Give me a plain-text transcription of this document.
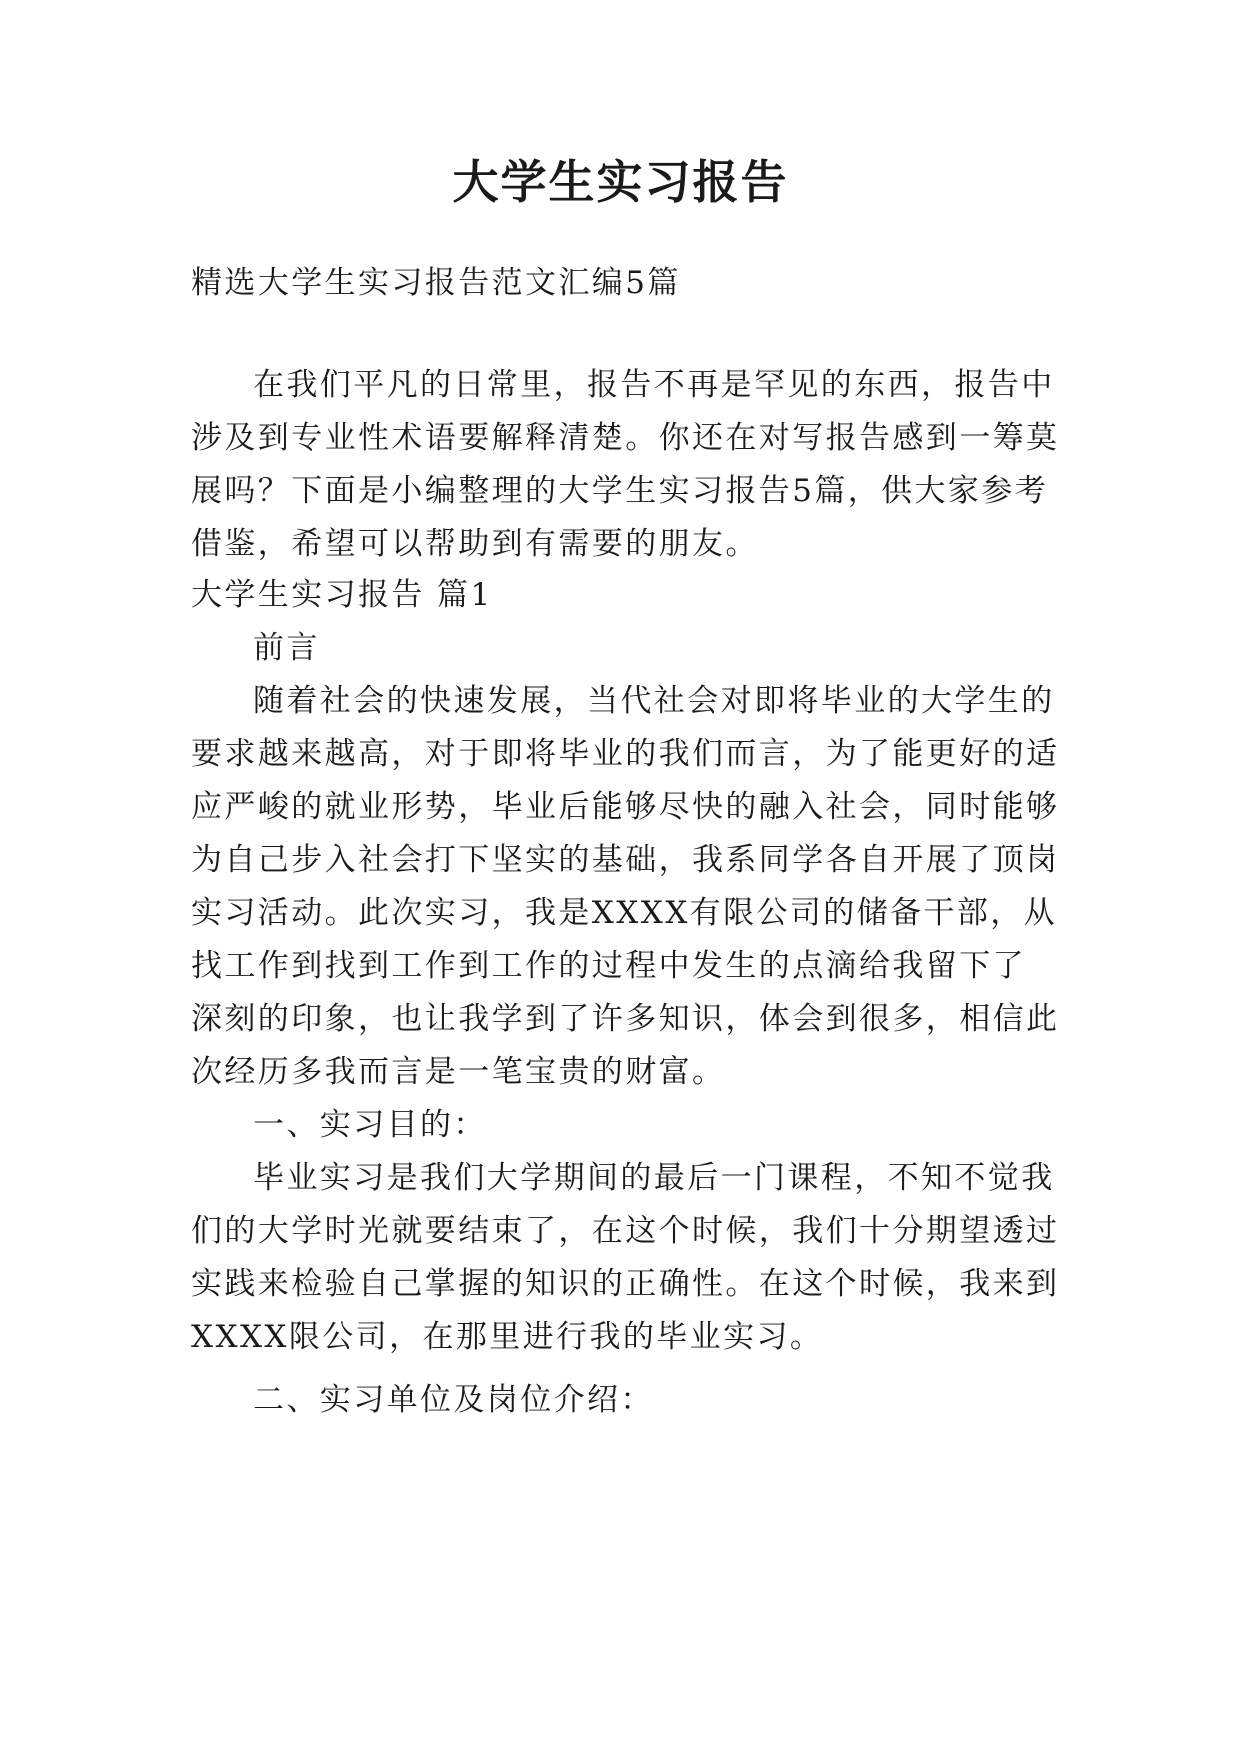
大学生实习报告
精选大学生实习报告范文汇编5篇
在我们平凡的日常里，报告不再是罕见的东西，报告中
涉及到专业性术语要解释清楚。你还在对写报告感到一筹莫
展吗？下面是小编整理的大学生实习报告5篇，供大家参考
借鉴，希望可以帮助到有需要的朋友。
大学生实习报告 篇1
前言
随着社会的快速发展，当代社会对即将毕业的大学生的
要求越来越高，对于即将毕业的我们而言，为了能更好的适
应严峻的就业形势，毕业后能够尽快的融入社会，同时能够
为自己步入社会打下坚实的基础，我系同学各自开展了顶岗
实习活动。此次实习，我是XXXX有限公司的储备干部，从
找工作到找到工作到工作的过程中发生的点滴给我留下了
深刻的印象，也让我学到了许多知识，体会到很多，相信此
次经历多我而言是一笔宝贵的财富。
一、实习目的：
毕业实习是我们大学期间的最后一门课程，不知不觉我
们的大学时光就要结束了，在这个时候，我们十分期望透过
实践来检验自己掌握的知识的正确性。在这个时候，我来到
XXXX限公司，在那里进行我的毕业实习。
二、实习单位及岗位介绍：
